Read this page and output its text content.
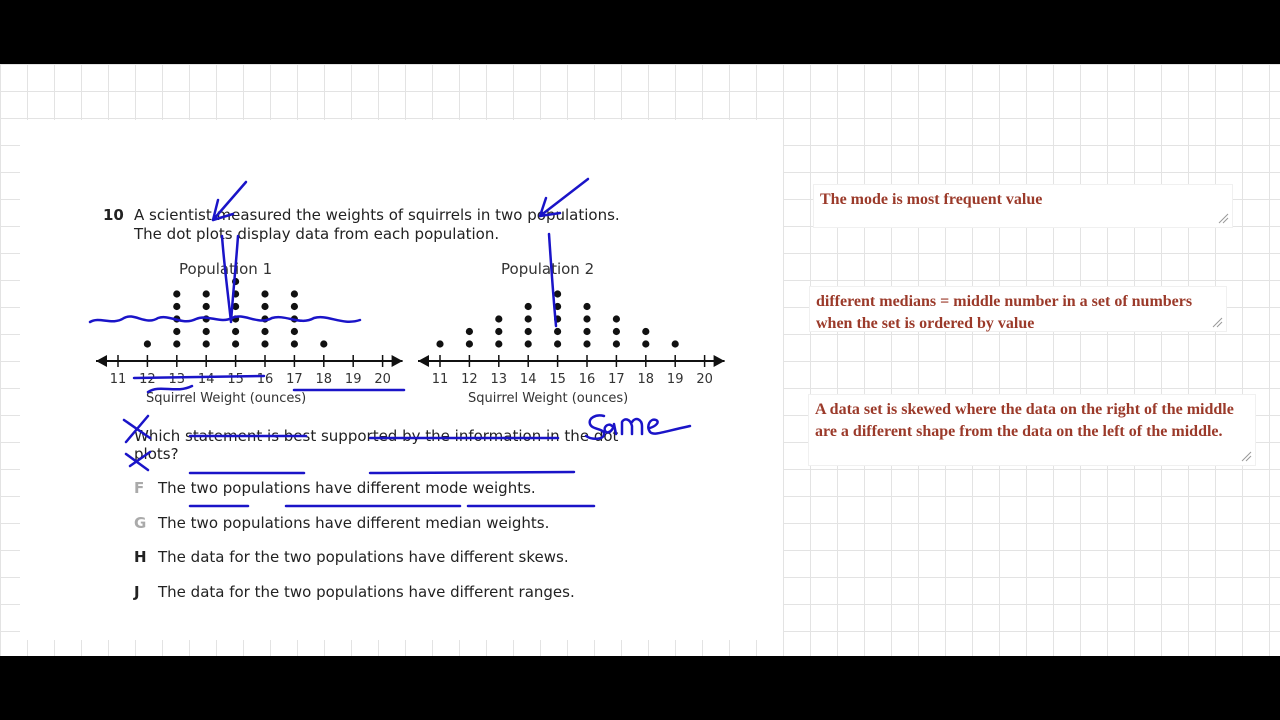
10 A scientist measured the weights of squirrels in two populations.
The dot plots display data from each population.
Population 1	Population 2
11 12 13 14 15 16 17 18 19 20	11 12 13 14 15 16 17 18 19 20
Squirrel Weight (ounces)	Squirrel Weight (ounces)
Which statement is best supported by the information in the dot
plots?
F The two populations have different mode weights.
G The two populations have different median weights.
H The data for the two populations have different skews.
J The data for the two populations have different ranges.
The mode is most frequent value
different medians = middle number in a set of numbers when the set is ordered by value
A data set is skewed where the data on the right of the middle are a different shape from the data on the left of the middle.
